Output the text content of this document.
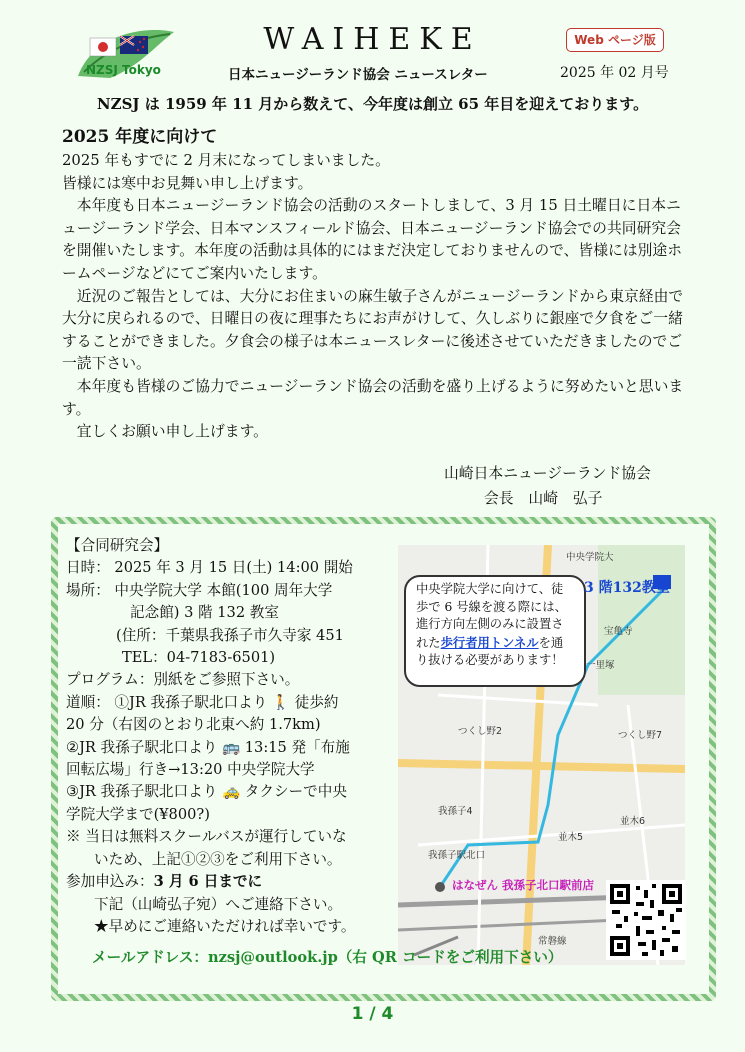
NZSJ Tokyo
WAIHEKE	Web ページ版
日本ニュージーランド協会 ニュースレター	2025 年 02 月号
NZSJ は 1959 年 11 月から数えて、今年度は創立 65 年目を迎えております。
2025 年度に向けて

2025 年もすでに 2 月末になってしまいました。

皆様には寒中お見舞い申し上げます。

　本年度も日本ニュージーランド協会の活動のスタートしまして、3 月 15 日土曜日に日本ニュージーランド学会、日本マンスフィールド協会、日本ニュージーランド協会での共同研究会を開催いたします。本年度の活動は具体的にはまだ決定しておりませんので、皆様には別途ホームページなどにてご案内いたします。

　近況のご報告としては、大分にお住まいの麻生敏子さんがニュージーランドから東京経由で大分に戻られるので、日曜日の夜に理事たちにお声がけして、久しぶりに銀座で夕食をご一緒することができました。夕食会の様子は本ニュースレターに後述させていただきましたのでご一読下さい。

　本年度も皆様のご協力でニュージーランド協会の活動を盛り上げるように努めたいと思います。

　宜しくお願い申し上げます。

山崎日本ニュージーランド協会
会長　山崎　弘子
【合同研究会】
日時： 2025 年 3 月 15 日(土) 14:00 開始
場所： 中央学院大学 本館(100 周年大学
記念館) 3 階 132 教室
(住所：千葉県我孫子市久寺家 451
TEL：04-7183-6501)
プログラム：別紙をご参照下さい。
道順： ①JR 我孫子駅北口より 🚶 徒歩約
20 分（右図のとおり北東へ約 1.7km)
②JR 我孫子駅北口より 🚌 13:15 発「布施
回転広場」行き→13:20 中央学院大学
③JR 我孫子駅北口より 🚕 タクシーで中央
学院大学まで(¥800?)
※ 当日は無料スクールバスが運行していな
いため、上記①②③をご利用下さい。
参加申込み：3 月 6 日までに
下記（山崎弘子宛）へご連絡下さい。
★早めにご連絡いただければ幸いです。
中央学院大
つくし野2	つくし野7
我孫子4
並木5
並木6
我孫子駅北口
宝亀寺
一里塚
常磐線
中央学院大学に向けて、徒歩で 6 号線を渡る際には、進行方向左側のみに設置された歩行者用トンネルを通り抜ける必要があります！
3 階132教室
はなぜん 我孫子北口駅前店
メールアドレス：nzsj@outlook.jp（右 QR コードをご利用下さい）
1 / 4
